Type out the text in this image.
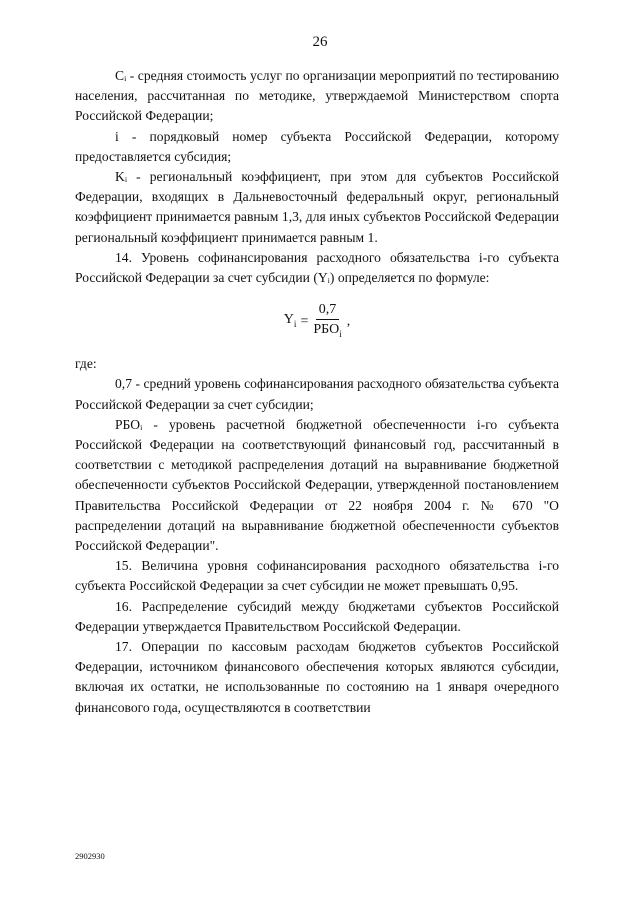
26

Cᵢ - средняя стоимость услуг по организации мероприятий по тестированию населения, рассчитанная по методике, утверждаемой Министерством спорта Российской Федерации;

i - порядковый номер субъекта Российской Федерации, которому предоставляется субсидия;

Kᵢ - региональный коэффициент, при этом для субъектов Российской Федерации, входящих в Дальневосточный федеральный округ, региональный коэффициент принимается равным 1,3, для иных субъектов Российской Федерации региональный коэффициент принимается равным 1.

14. Уровень софинансирования расходного обязательства i-го субъекта Российской Федерации за счет субсидии (Yᵢ) определяется по формуле:

$Y_i = \frac{0,7}{РБО_i}$ ,

где:

0,7 - средний уровень софинансирования расходного обязательства субъекта Российской Федерации за счет субсидии;

РБОᵢ - уровень расчетной бюджетной обеспеченности i-го субъекта Российской Федерации на соответствующий финансовый год, рассчитанный в соответствии с методикой распределения дотаций на выравнивание бюджетной обеспеченности субъектов Российской Федерации, утвержденной постановлением Правительства Российской Федерации от 22 ноября 2004 г. № 670 "О распределении дотаций на выравнивание бюджетной обеспеченности субъектов Российской Федерации".

15. Величина уровня софинансирования расходного обязательства i-го субъекта Российской Федерации за счет субсидии не может превышать 0,95.

16. Распределение субсидий между бюджетами субъектов Российской Федерации утверждается Правительством Российской Федерации.

17. Операции по кассовым расходам бюджетов субъектов Российской Федерации, источником финансового обеспечения которых являются субсидии, включая их остатки, не использованные по состоянию на 1 января очередного финансового года, осуществляются в соответствии

2902930
